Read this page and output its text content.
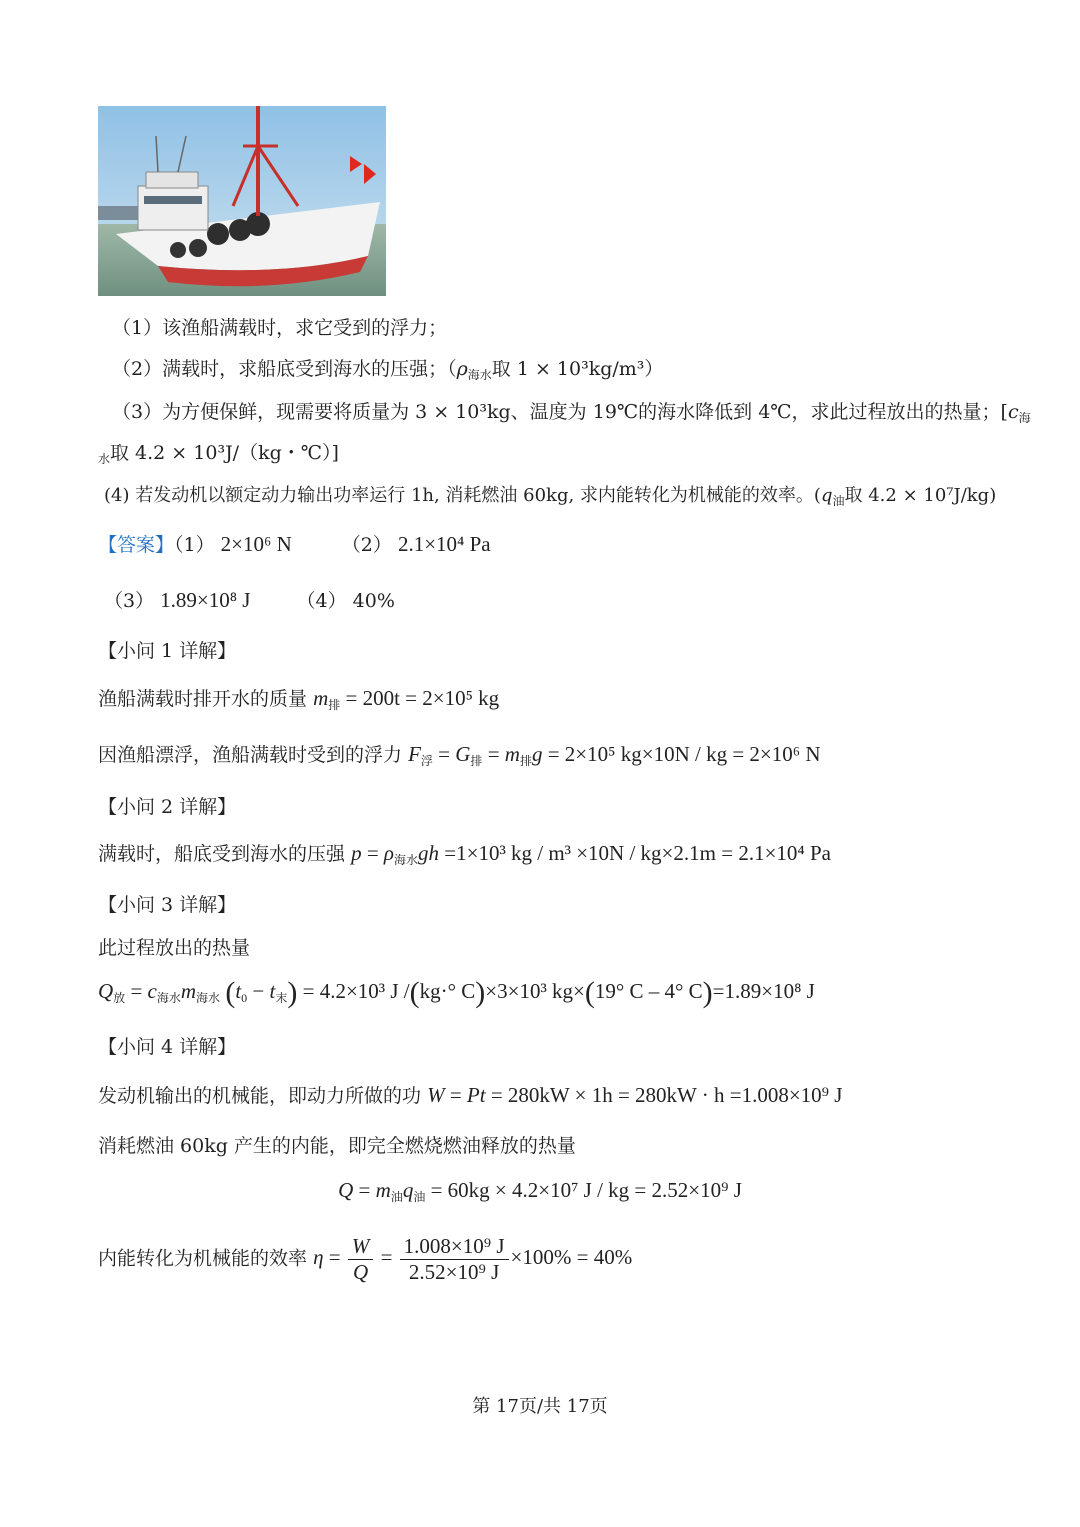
（1）该渔船满载时，求它受到的浮力；
（2）满载时，求船底受到海水的压强；（$\rho_{海水}$取 1 × 10³kg/m³）
（3）为方便保鲜，现需要将质量为 3 × 10³kg、温度为 19℃的海水降低到 4℃，求此过程放出的热量；[$c_海$
$_水$取 4.2 × 10³J/（kg・℃）]
(4) 若发动机以额定动力输出功率运行 1h, 消耗燃油 60kg, 求内能转化为机械能的效率。($q_油$取 4.2 × 10⁷J/kg)
【答案】（1） 2×10⁶ N	（2） 2.1×10⁴ Pa
（3） 1.89×10⁸ J （4） 40%
【小问 1 详解】
渔船满载时排开水的质量 $m_排 = 200t = 2\times 10^5$ kg
因渔船漂浮，渔船满载时受到的浮力 $F_浮 = G_排 = m_排g = 2\times 10^5$ kg×10N / kg = 2×10⁶ N
【小问 2 详解】
满载时，船底受到海水的压强 $p = \rho_{海水}gh =1\times 10^3$ kg / m³ ×10N / kg×2.1m = 2.1×10⁴ Pa
【小问 3 详解】
此过程放出的热量
$Q_放 = c_{海水}m_{海水}$ $(t_0 - t_末) = 4.2\times 10^3$ J /(kg·° C)×3×10³ kg×(19° C – 4° C)=1.89×10⁸ J
【小问 4 详解】
发动机输出的机械能，即动力所做的功 W = Pt = 280kW × 1h = 280kW · h =1.008×10⁹ J
消耗燃油 60kg 产生的内能，即完全燃烧燃油释放的热量
$Q = m_油q_油 = 60kg \times 4.2\times 10^7$ J / kg = 2.52×10⁹ J
内能转化为机械能的效率 $\eta = \frac{W}{Q} = \frac{\text{1.008×10⁹ J}}{\text{2.52×10⁹ J}} \times 100\% = 40\%$
第 17页/共 17页
